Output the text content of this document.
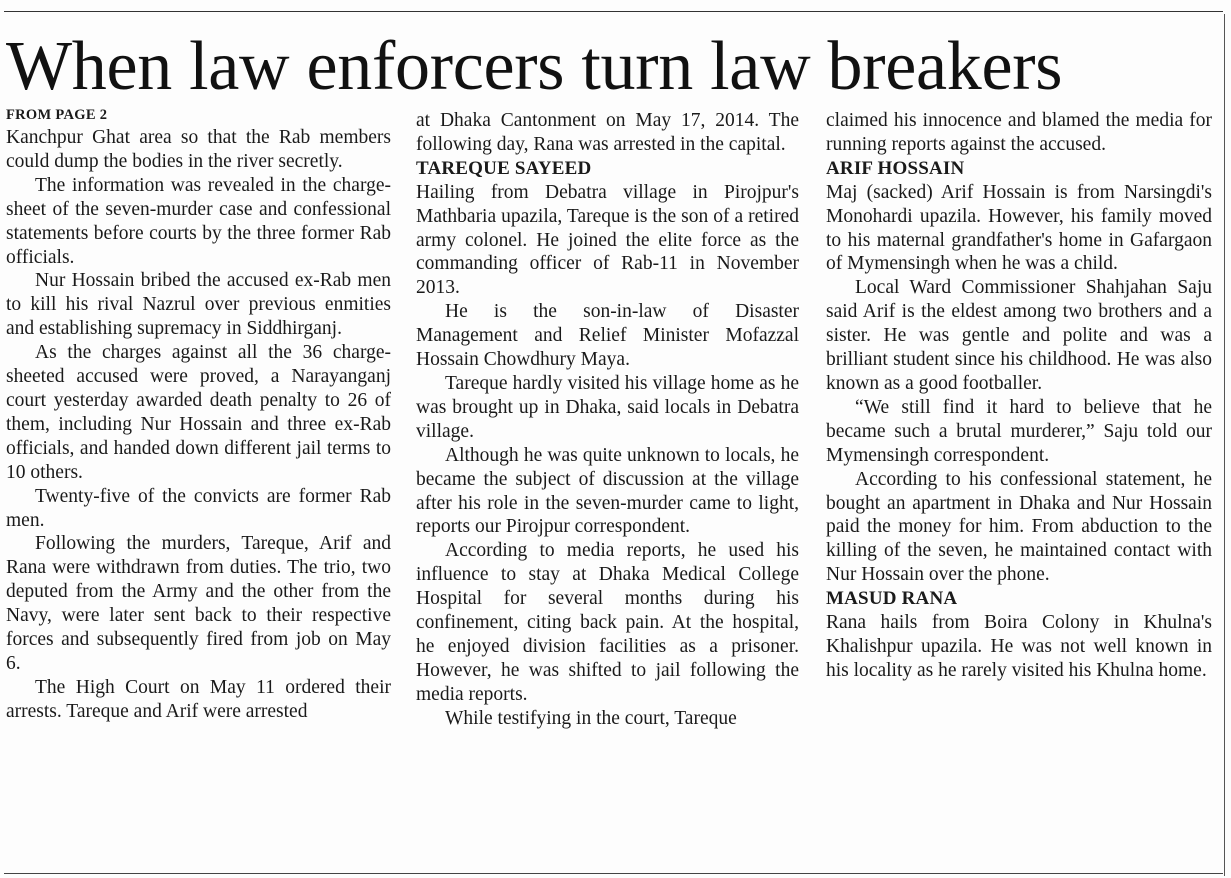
When law enforcers turn law breakers
FROM PAGE 2

Kanchpur Ghat area so that the Rab members could dump the bodies in the river secretly.

The information was revealed in the charge-sheet of the seven-murder case and confessional statements before courts by the three former Rab officials.

Nur Hossain bribed the accused ex-Rab men to kill his rival Nazrul over previous enmities and establishing supremacy in Siddhirganj.

As the charges against all the 36 charge-sheeted accused were proved, a Narayanganj court yesterday awarded death penalty to 26 of them, including Nur Hossain and three ex-Rab officials, and handed down different jail terms to 10 others.

Twenty-five of the convicts are former Rab men.

Following the murders, Tareque, Arif and Rana were withdrawn from duties. The trio, two deputed from the Army and the other from the Navy, were later sent back to their respective forces and subsequently fired from job on May 6.

The High Court on May 11 ordered their arrests. Tareque and Arif were arrested

at Dhaka Cantonment on May 17, 2014. The following day, Rana was arrested in the capital.

TAREQUE SAYEED

Hailing from Debatra village in Pirojpur's Mathbaria upazila, Tareque is the son of a retired army colonel. He joined the elite force as the commanding officer of Rab-11 in November 2013.

He is the son-in-law of Disaster Management and Relief Minister Mofazzal Hossain Chowdhury Maya.

Tareque hardly visited his village home as he was brought up in Dhaka, said locals in Debatra village.

Although he was quite unknown to locals, he became the subject of discussion at the village after his role in the seven-murder came to light, reports our Pirojpur correspondent.

According to media reports, he used his influence to stay at Dhaka Medical College Hospital for several months during his confinement, citing back pain. At the hospital, he enjoyed division facilities as a prisoner. However, he was shifted to jail following the media reports.

While testifying in the court, Tareque

claimed his innocence and blamed the media for running reports against the accused.

ARIF HOSSAIN

Maj (sacked) Arif Hossain is from Narsingdi's Monohardi upazila. However, his family moved to his maternal grandfather's home in Gafargaon of Mymensingh when he was a child.

Local Ward Commissioner Shahjahan Saju said Arif is the eldest among two brothers and a sister. He was gentle and polite and was a brilliant student since his childhood. He was also known as a good footballer.

“We still find it hard to believe that he became such a brutal murderer,” Saju told our Mymensingh correspondent.

According to his confessional statement, he bought an apartment in Dhaka and Nur Hossain paid the money for him. From abduction to the killing of the seven, he maintained contact with Nur Hossain over the phone.

MASUD RANA

Rana hails from Boira Colony in Khulna's Khalishpur upazila. He was not well known in his locality as he rarely visited his Khulna home.
